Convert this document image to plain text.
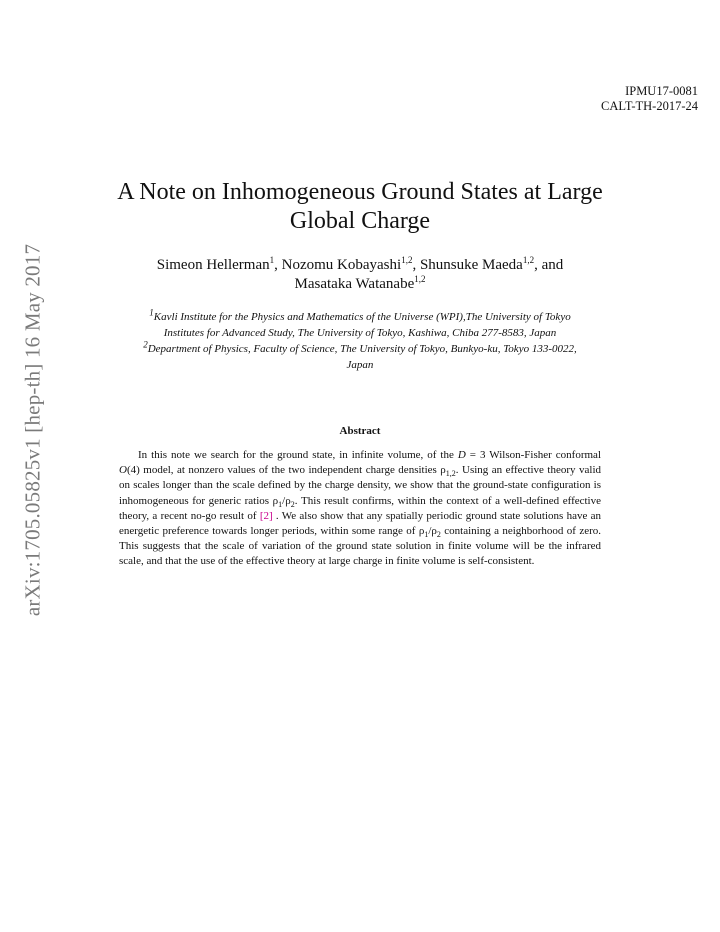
arXiv:1705.05825v1 [hep-th] 16 May 2017
IPMU17-0081
CALT-TH-2017-24
A Note on Inhomogeneous Ground States at Large
Global Charge
Simeon Hellerman$^1$, Nozomu Kobayashi$^{1,2}$, Shunsuke Maeda$^{1,2}$, and
Masataka Watanabe$^{1,2}$
$^1$Kavli Institute for the Physics and Mathematics of the Universe (WPI),The University of Tokyo
Institutes for Advanced Study, The University of Tokyo, Kashiwa, Chiba 277-8583, Japan
$^2$Department of Physics, Faculty of Science, The University of Tokyo, Bunkyo-ku, Tokyo 133-0022,
Japan
Abstract
In this note we search for the ground state, in infinite volume, of the D = 3 Wilson-Fisher conformal O(4) model, at nonzero values of the two independent charge densities $\rho_{1,2}$. Using an effective theory valid on scales longer than the scale defined by the charge density, we show that the ground-state configuration is inhomogeneous for generic ratios $\rho_1/\rho_2$. This result confirms, within the context of a well-defined effective theory, a recent no-go result of [2] . We also show that any spatially periodic ground state solutions have an energetic preference towards longer periods, within some range of $\rho_1/\rho_2$ containing a neighborhood of zero. This suggests that the scale of variation of the ground state solution in finite volume will be the infrared scale, and that the use of the effective theory at large charge in finite volume is self-consistent.
